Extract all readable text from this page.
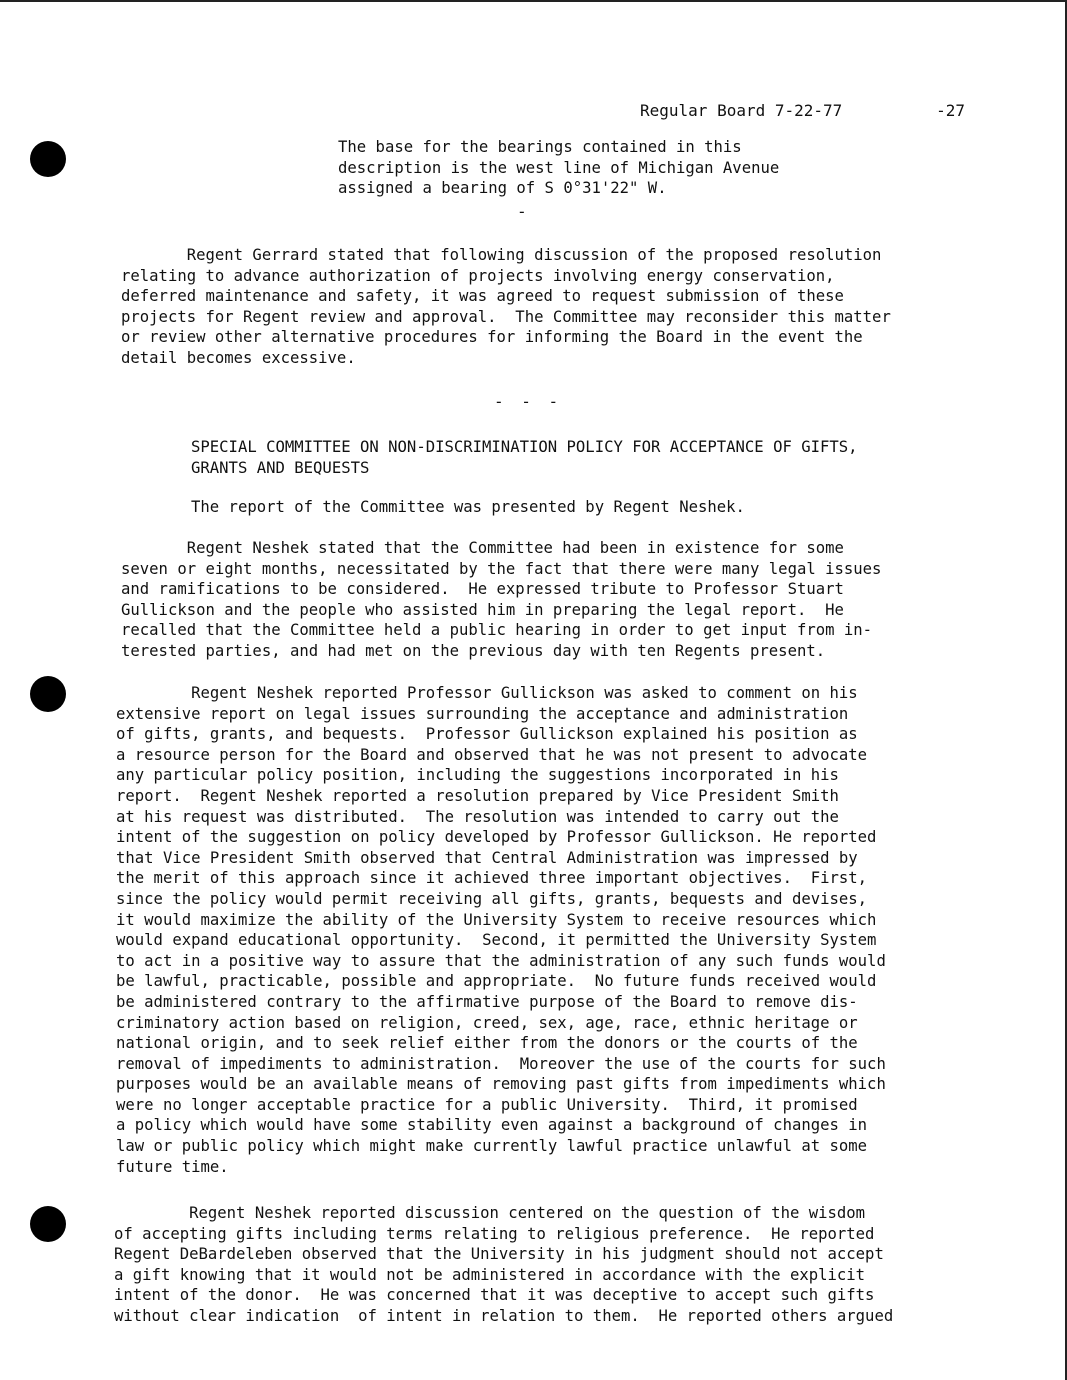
Regular Board 7-22-77	-27
The base for the bearings contained in this
description is the west line of Michigan Avenue
assigned a bearing of S 0°31'22" W.
-
Regent Gerrard stated that following discussion of the proposed resolution
relating to advance authorization of projects involving energy conservation,
deferred maintenance and safety, it was agreed to request submission of these
projects for Regent review and approval.  The Committee may reconsider this matter
or review other alternative procedures for informing the Board in the event the
detail becomes excessive.
- - -
SPECIAL COMMITTEE ON NON-DISCRIMINATION POLICY FOR ACCEPTANCE OF GIFTS,
GRANTS AND BEQUESTS
The report of the Committee was presented by Regent Neshek.
Regent Neshek stated that the Committee had been in existence for some
seven or eight months, necessitated by the fact that there were many legal issues
and ramifications to be considered.  He expressed tribute to Professor Stuart
Gullickson and the people who assisted him in preparing the legal report.  He
recalled that the Committee held a public hearing in order to get input from in-
terested parties, and had met on the previous day with ten Regents present.
Regent Neshek reported Professor Gullickson was asked to comment on his
extensive report on legal issues surrounding the acceptance and administration
of gifts, grants, and bequests.  Professor Gullickson explained his position as
a resource person for the Board and observed that he was not present to advocate
any particular policy position, including the suggestions incorporated in his
report.  Regent Neshek reported a resolution prepared by Vice President Smith
at his request was distributed.  The resolution was intended to carry out the
intent of the suggestion on policy developed by Professor Gullickson. He reported
that Vice President Smith observed that Central Administration was impressed by
the merit of this approach since it achieved three important objectives.  First,
since the policy would permit receiving all gifts, grants, bequests and devises,
it would maximize the ability of the University System to receive resources which
would expand educational opportunity.  Second, it permitted the University System
to act in a positive way to assure that the administration of any such funds would
be lawful, practicable, possible and appropriate.  No future funds received would
be administered contrary to the affirmative purpose of the Board to remove dis-
criminatory action based on religion, creed, sex, age, race, ethnic heritage or
national origin, and to seek relief either from the donors or the courts of the
removal of impediments to administration.  Moreover the use of the courts for such
purposes would be an available means of removing past gifts from impediments which
were no longer acceptable practice for a public University.  Third, it promised
a policy which would have some stability even against a background of changes in
law or public policy which might make currently lawful practice unlawful at some
future time.
Regent Neshek reported discussion centered on the question of the wisdom
of accepting gifts including terms relating to religious preference.  He reported
Regent DeBardeleben observed that the University in his judgment should not accept
a gift knowing that it would not be administered in accordance with the explicit
intent of the donor.  He was concerned that it was deceptive to accept such gifts
without clear indication  of intent in relation to them.  He reported others argued
